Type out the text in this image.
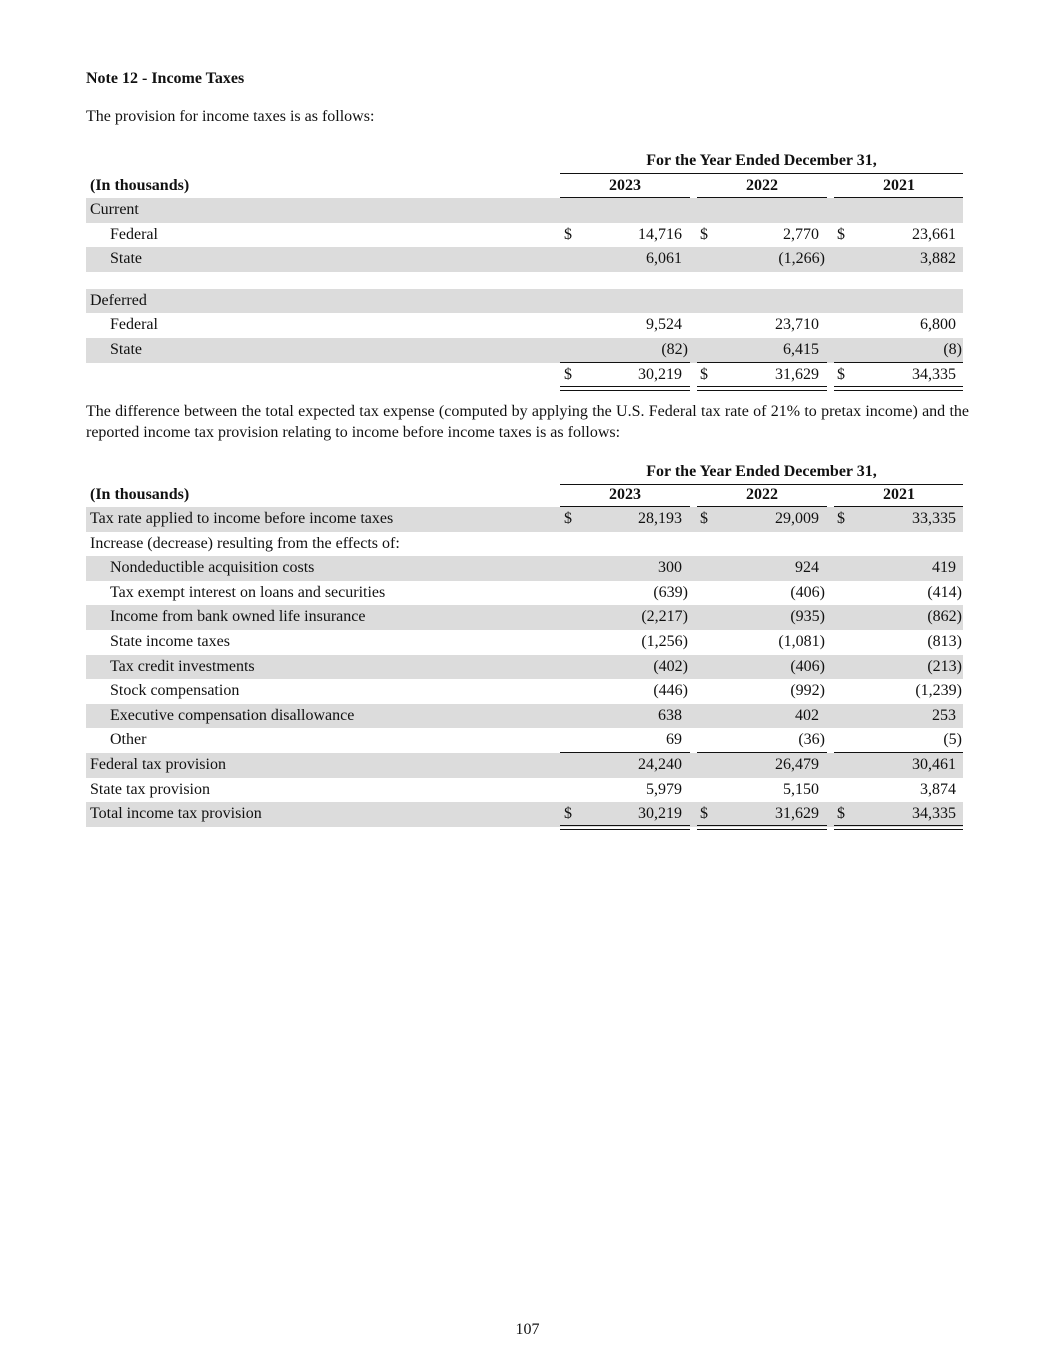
Note 12 - Income Taxes
The provision for income taxes is as follows:
For the Year Ended December 31,
(In thousands)	2023	2022	2021
Current
Federal	$	14,716 $	2,770 $	23,661
State	6,061	(1,266)	3,882
Deferred
Federal	9,524	23,710	6,800
State	(82)	6,415	(8)
$	30,219 $	31,629 $	34,335
The difference between the total expected tax expense (computed by applying the U.S. Federal tax rate of 21% to pretax income) and the reported income tax provision relating to income before income taxes is as follows:
For the Year Ended December 31,
(In thousands)	2023	2022	2021
Tax rate applied to income before income taxes	$	28,193 $	29,009 $	33,335
Increase (decrease) resulting from the effects of:
Nondeductible acquisition costs	300	924	419
Tax exempt interest on loans and securities	(639)	(406)	(414)
Income from bank owned life insurance	(2,217)	(935)	(862)
State income taxes	(1,256)	(1,081)	(813)
Tax credit investments	(402)	(406)	(213)
Stock compensation	(446)	(992)	(1,239)
Executive compensation disallowance	638	402	253
Other	69	(36)	(5)
Federal tax provision	24,240	26,479	30,461
State tax provision	5,979	5,150	3,874
Total income tax provision	$	30,219 $	31,629 $	34,335
107
